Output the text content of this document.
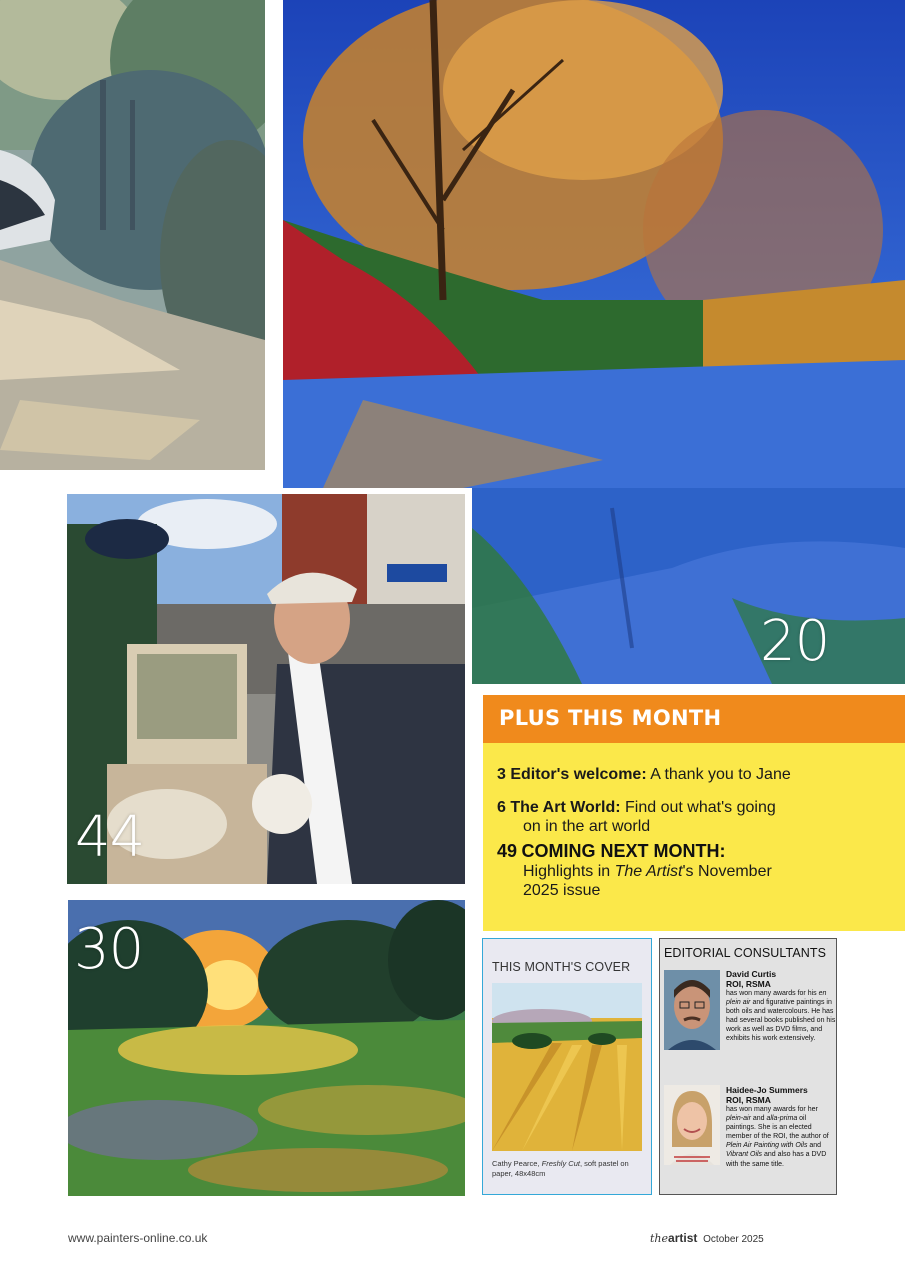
20
44
30
PLUS THIS MONTH
3 Editor's welcome: A thank you to Jane
6 The Art World: Find out what's going
on in the art world
49 COMING NEXT MONTH:
Highlights in The Artist's November
2025 issue
THIS MONTH'S COVER
Cathy Pearce, Freshly Cut, soft pastel on paper, 48x48cm
EDITORIAL CONSULTANTS
David Curtis
ROI, RSMA
has won many awards for his en plein air and figurative paintings in both oils and watercolours. He has had several books published on his work as well as DVD films, and exhibits his work extensively.
Haidee-Jo Summers
ROI, RSMA
has won many awards for her plein-air and alla-prima oil paintings. She is an elected member of the ROI, the author of Plein Air Painting with Oils and Vibrant Oils and also has a DVD with the same title.
www.painters-online.co.uk	theartist October 2025
